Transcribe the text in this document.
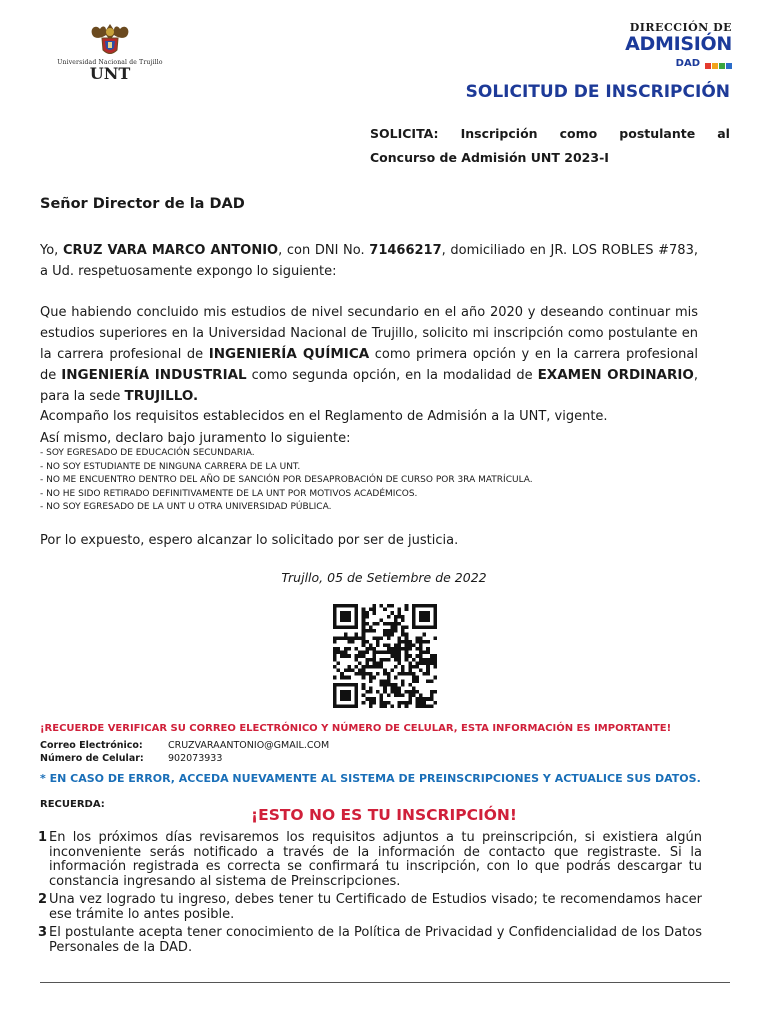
Universidad Nacional de Trujillo
UNT
DIRECCIÓN DE
ADMISIÓN
DAD
SOLICITUD DE INSCRIPCIÓN
SOLICITA: Inscripción como postulante al
Concurso de Admisión UNT 2023-I
Señor Director de la DAD
Yo, CRUZ VARA MARCO ANTONIO, con DNI No. 71466217, domiciliado en JR. LOS ROBLES #783, a Ud. respetuosamente expongo lo siguiente:
Que habiendo concluido mis estudios de nivel secundario en el año 2020 y deseando continuar mis estudios superiores en la Universidad Nacional de Trujillo, solicito mi inscripción como postulante en la carrera profesional de INGENIERÍA QUÍMICA como primera opción y en la carrera profesional de INGENIERÍA INDUSTRIAL como segunda opción, en la modalidad de EXAMEN ORDINARIO, para la sede TRUJILLO.
Acompaño los requisitos establecidos en el Reglamento de Admisión a la UNT, vigente.
Así mismo, declaro bajo juramento lo siguiente:
- SOY EGRESADO DE EDUCACIÓN SECUNDARIA.
- NO SOY ESTUDIANTE DE NINGUNA CARRERA DE LA UNT.
- NO ME ENCUENTRO DENTRO DEL AÑO DE SANCIÓN POR DESAPROBACIÓN DE CURSO POR 3RA MATRÍCULA.
- NO HE SIDO RETIRADO DEFINITIVAMENTE DE LA UNT POR MOTIVOS ACADÉMICOS.
- NO SOY EGRESADO DE LA UNT U OTRA UNIVERSIDAD PÚBLICA.
Por lo expuesto, espero alcanzar lo solicitado por ser de justicia.
Trujllo, 05 de Setiembre de 2022
¡RECUERDE VERIFICAR SU CORREO ELECTRÓNICO Y NÚMERO DE CELULAR, ESTA INFORMACIÓN ES IMPORTANTE!
Correo Electrónico:	CRUZVARAANTONIO@GMAIL.COM
Número de Celular:	902073933
* EN CASO DE ERROR, ACCEDA NUEVAMENTE AL SISTEMA DE PREINSCRIPCIONES Y ACTUALICE SUS DATOS.
RECUERDA:
¡ESTO NO ES TU INSCRIPCIÓN!
1 En los próximos días revisaremos los requisitos adjuntos a tu preinscripción, si existiera algún inconveniente serás notificado a través de la información de contacto que registraste. Si la información registrada es correcta se confirmará tu inscripción, con lo que podrás descargar tu constancia ingresando al sistema de Preinscripciones.
2 Una vez logrado tu ingreso, debes tener tu Certificado de Estudios visado; te recomendamos hacer ese trámite lo antes posible.
3 El postulante acepta tener conocimiento de la Política de Privacidad y Confidencialidad de los Datos Personales de la DAD.
